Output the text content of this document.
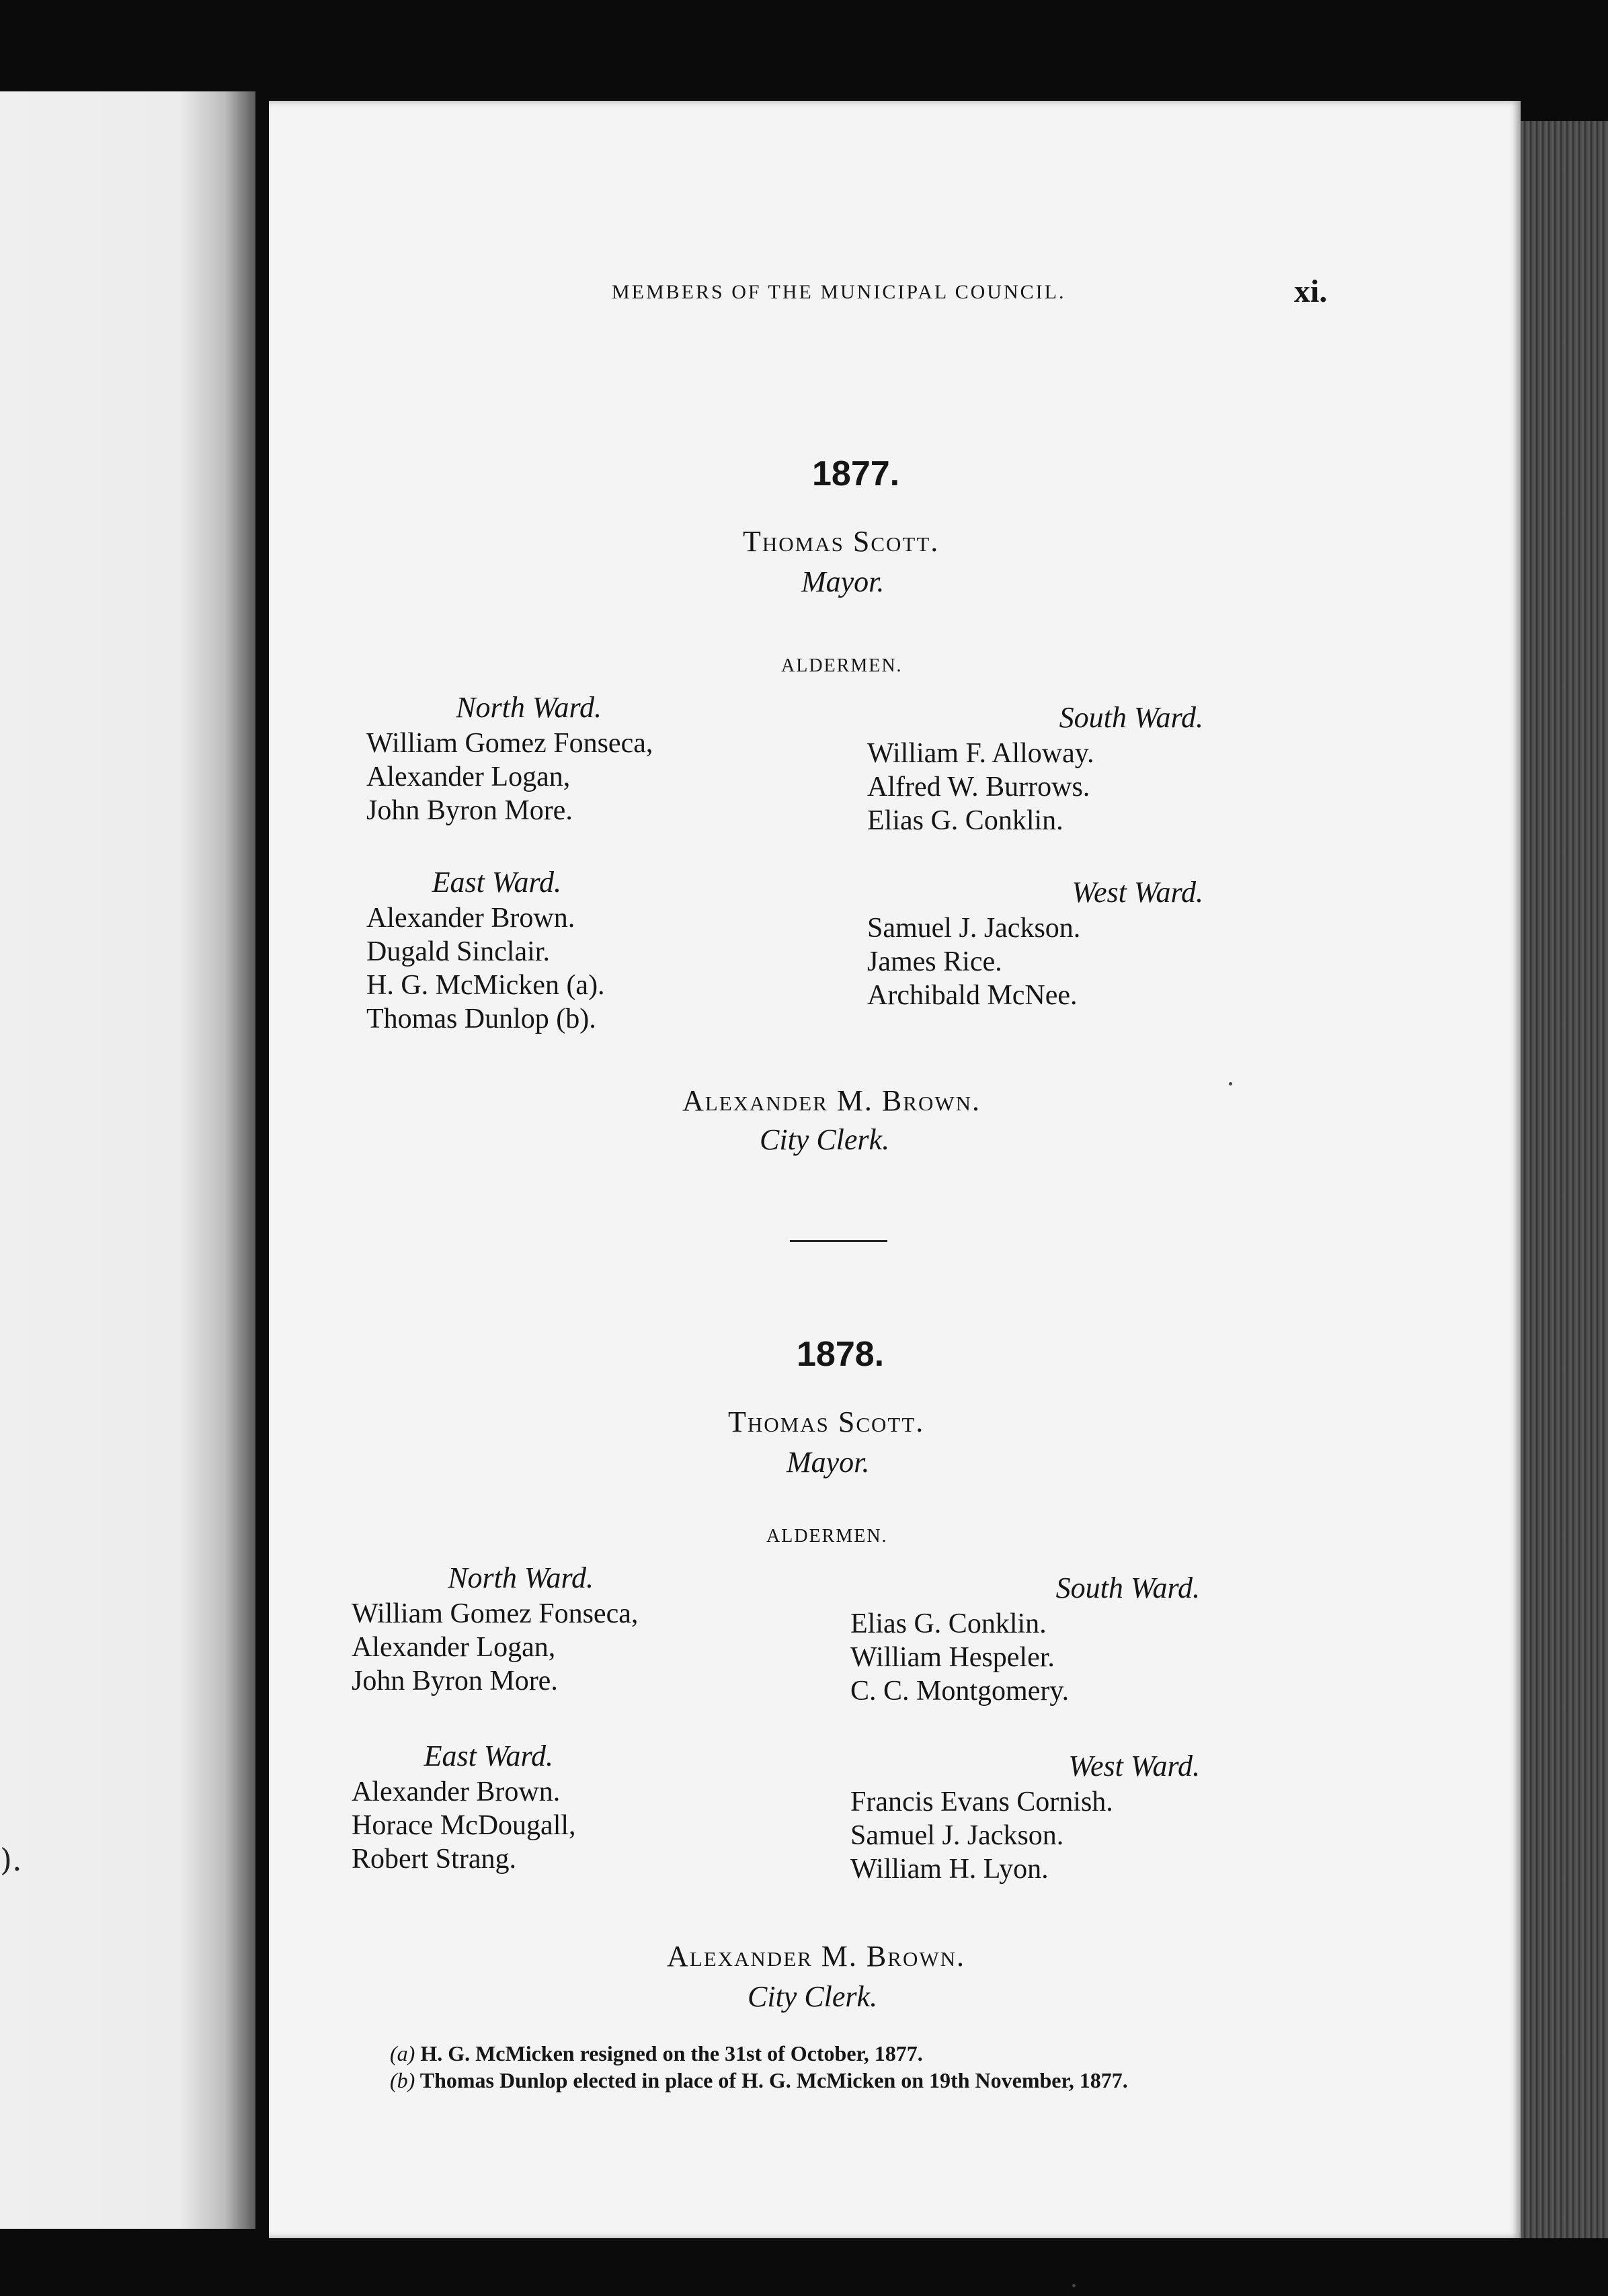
).
MEMBERS OF THE MUNICIPAL COUNCIL.	xi.
1877.
Thomas Scott.
Mayor.
ALDERMEN.
North Ward.
William Gomez Fonseca,
Alexander Logan,
John Byron More.
South Ward.
William F. Alloway.
Alfred W. Burrows.
Elias G. Conklin.
East Ward.
Alexander Brown.
Dugald Sinclair.
H. G. McMicken (a).
Thomas Dunlop (b).
West Ward.
Samuel J. Jackson.
James Rice.
Archibald McNee.
Alexander M. Brown.
City Clerk.
1878.
Thomas Scott.
Mayor.
ALDERMEN.
North Ward.
William Gomez Fonseca,
Alexander Logan,
John Byron More.
South Ward.
Elias G. Conklin.
William Hespeler.
C. C. Montgomery.
East Ward.
Alexander Brown.
Horace McDougall,
Robert Strang.
West Ward.
Francis Evans Cornish.
Samuel J. Jackson.
William H. Lyon.
Alexander M. Brown.
City Clerk.
(a) H. G. McMicken resigned on the 31st of October, 1877.
(b) Thomas Dunlop elected in place of H. G. McMicken on 19th November, 1877.
